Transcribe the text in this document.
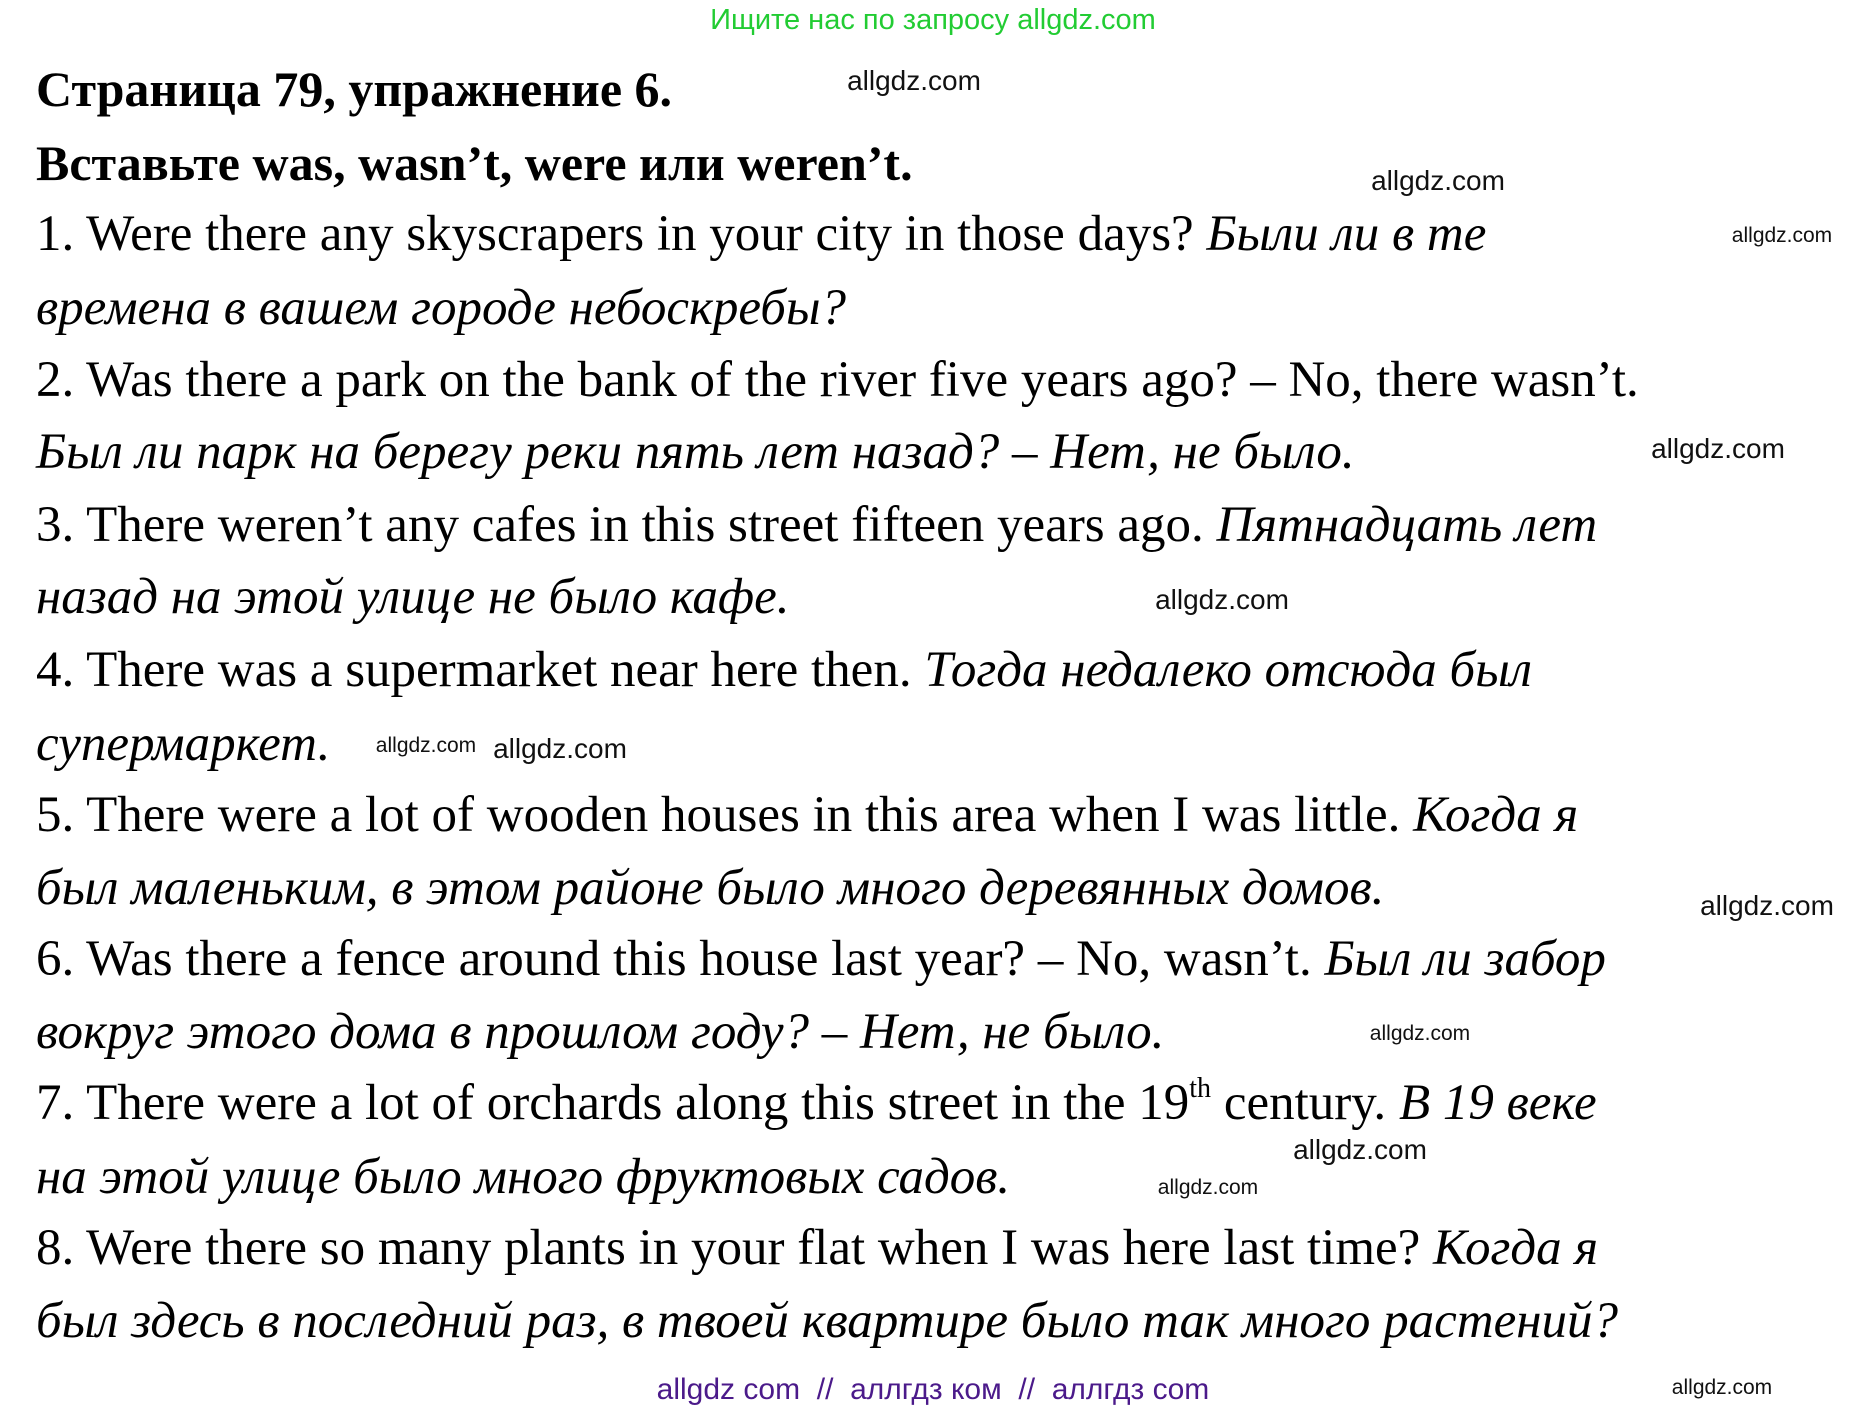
Ищите нас по запросу allgdz.com
Страница 79, упражнение 6.
Вставьте was, wasn’t, were или weren’t.
1. Were there any skyscrapers in your city in those days? Были ли в те
времена в вашем городе небоскребы?
2. Was there a park on the bank of the river five years ago? – No, there wasn’t.
Был ли парк на берегу реки пять лет назад? – Нет, не было.
3. There weren’t any cafes in this street fifteen years ago. Пятнадцать лет
назад на этой улице не было кафе.
4. There was a supermarket near here then. Тогда недалеко отсюда был
супермаркет.
5. There were a lot of wooden houses in this area when I was little. Когда я
был маленьким, в этом районе было много деревянных домов.
6. Was there a fence around this house last year? – No, wasn’t. Был ли забор
вокруг этого дома в прошлом году? – Нет, не было.
7. There were a lot of orchards along this street in the 19th century. В 19 веке
на этой улице было много фруктовых садов.
8. Were there so many plants in your flat when I was here last time? Когда я
был здесь в последний раз, в твоей квартире было так много растений?
allgdz.com
allgdz.com
allgdz.com
allgdz.com
allgdz.com
allgdz.com allgdz.com
allgdz.com
allgdz.com
allgdz.com
allgdz.com
allgdz.com
allgdz com  //  аллгдз ком  //  аллгдз com
